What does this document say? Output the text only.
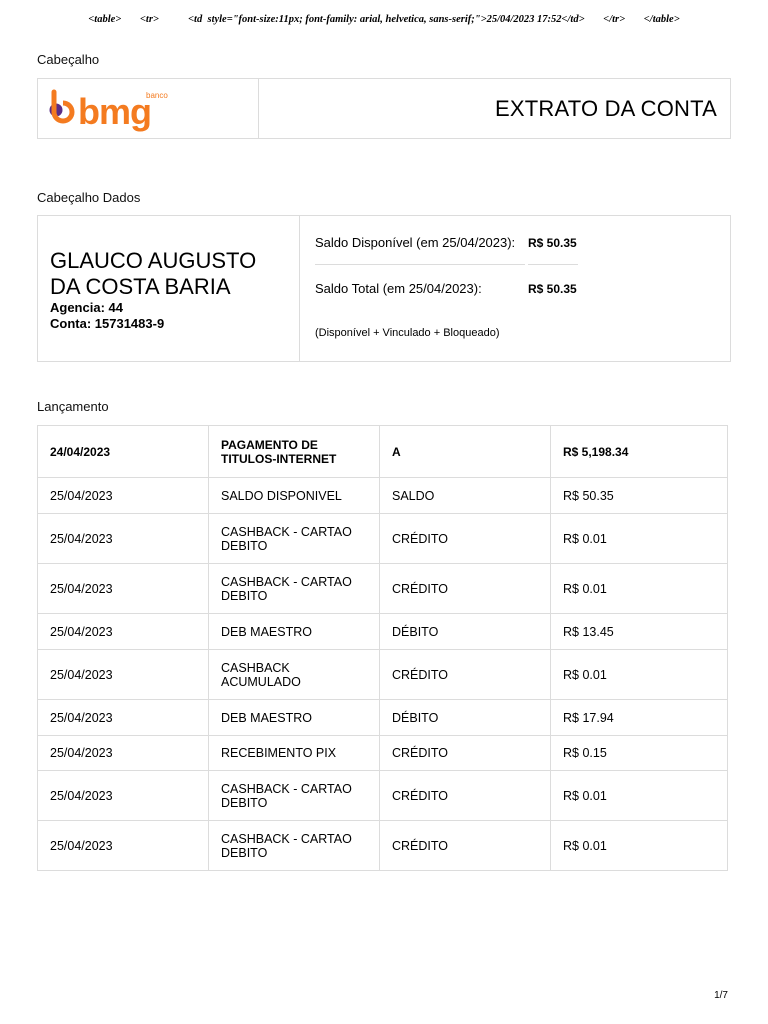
<table>     <tr>         <td  style="font-size:11px; font-family: arial, helvetica, sans-serif;">25/04/2023 17:52</td>     </tr>     </table>
Cabeçalho
banco
bmg	EXTRATO DA CONTA
Cabeçalho Dados
GLAUCO AUGUSTO
DA COSTA BARIA
Agencia: 44
Conta: 15731483-9
Saldo Disponível (em 25/04/2023): R$ 50.35
Saldo Total (em 25/04/2023):	R$ 50.35
(Disponível + Vinculado + Bloqueado)
Lançamento
24/04/2023	PAGAMENTO DE TITULOS-INTERNET	A	R$ 5,198.34
25/04/2023	SALDO DISPONIVEL	SALDO	R$ 50.35
25/04/2023	CASHBACK - CARTAO DEBITO	CRÉDITO	R$ 0.01
25/04/2023	CASHBACK - CARTAO DEBITO	CRÉDITO	R$ 0.01
25/04/2023	DEB MAESTRO	DÉBITO	R$ 13.45
25/04/2023	CASHBACK ACUMULADO	CRÉDITO	R$ 0.01
25/04/2023	DEB MAESTRO	DÉBITO	R$ 17.94
25/04/2023	RECEBIMENTO PIX	CRÉDITO	R$ 0.15
25/04/2023	CASHBACK - CARTAO DEBITO	CRÉDITO	R$ 0.01
25/04/2023	CASHBACK - CARTAO DEBITO	CRÉDITO	R$ 0.01
1/7
